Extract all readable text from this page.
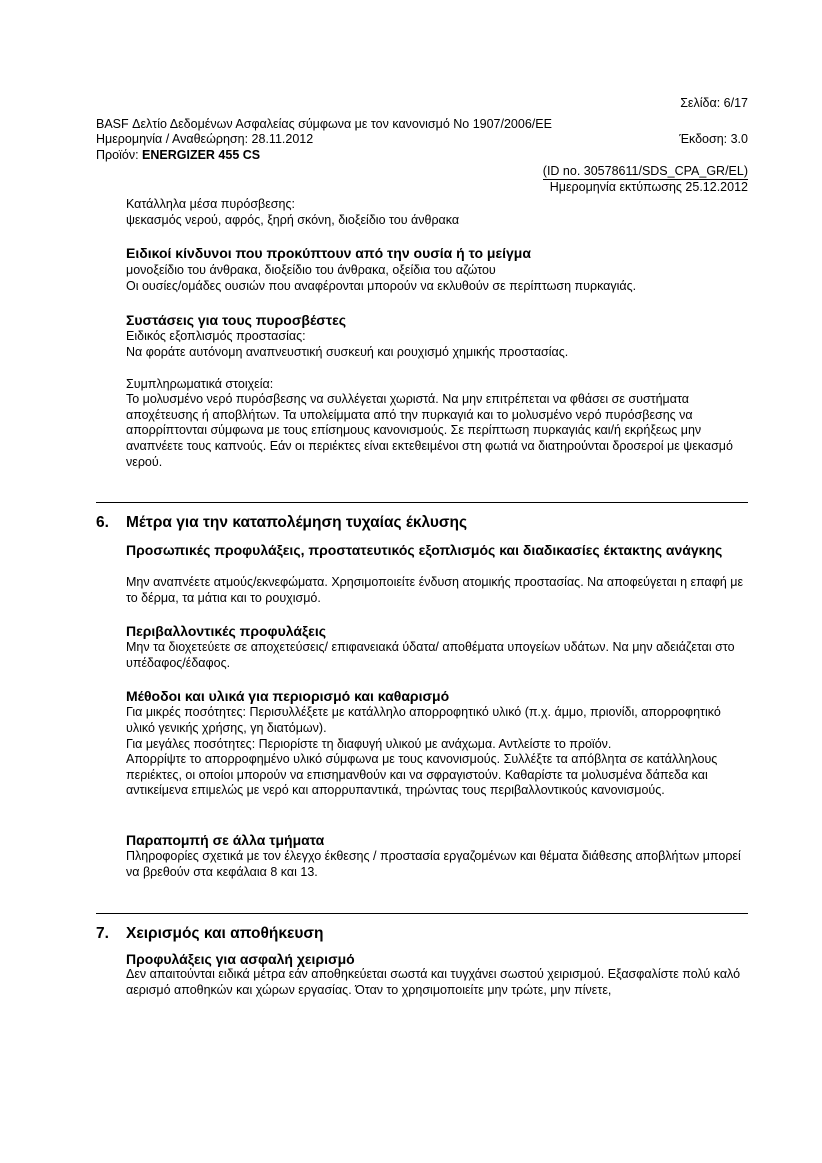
Σελίδα: 6/17
BASF Δελτίο Δεδομένων Ασφαλείας σύμφωνα με τον κανονισμό Νο 1907/2006/ΕΕ
Ημερομηνία / Αναθεώρηση: 28.11.2012	Έκδοση: 3.0
Προϊόν: ENERGIZER 455 CS
(ID no. 30578611/SDS_CPA_GR/EL)
Ημερομηνία εκτύπωσης 25.12.2012
Κατάλληλα μέσα πυρόσβεσης:
ψεκασμός νερού, αφρός, ξηρή σκόνη, διοξείδιο του άνθρακα
Ειδικοί κίνδυνοι που προκύπτουν από την ουσία ή το μείγμα
μονοξείδιο του άνθρακα, διοξείδιο του άνθρακα, οξείδια του αζώτου
Οι ουσίες/ομάδες ουσιών που αναφέρονται μπορούν να εκλυθούν σε περίπτωση πυρκαγιάς.
Συστάσεις για τους πυροσβέστες
Ειδικός εξοπλισμός προστασίας:
Να φοράτε αυτόνομη αναπνευστική συσκευή και ρουχισμό χημικής προστασίας.
Συμπληρωματικά στοιχεία:
Το μολυσμένο νερό πυρόσβεσης να συλλέγεται χωριστά. Να μην επιτρέπεται να φθάσει σε συστήματα αποχέτευσης ή αποβλήτων. Τα υπολείμματα από την πυρκαγιά και το μολυσμένο νερό πυρόσβεσης να απορρίπτονται σύμφωνα με τους επίσημους κανονισμούς. Σε περίπτωση πυρκαγιάς και/ή εκρήξεως μην αναπνέετε τους καπνούς. Εάν οι περιέκτες είναι εκτεθειμένοι στη φωτιά να διατηρούνται δροσεροί με ψεκασμό νερού.
6. Μέτρα για την καταπολέμηση τυχαίας έκλυσης
Προσωπικές προφυλάξεις, προστατευτικός εξοπλισμός και διαδικασίες έκτακτης ανάγκης
Μην αναπνέετε ατμούς/εκνεφώματα. Χρησιμοποιείτε ένδυση ατομικής προστασίας. Να αποφεύγεται η επαφή με το δέρμα, τα μάτια και το ρουχισμό.
Περιβαλλοντικές προφυλάξεις
Μην τα διοχετεύετε σε αποχετεύσεις/ επιφανειακά ύδατα/ αποθέματα υπογείων υδάτων. Να μην αδειάζεται στο υπέδαφος/έδαφος.
Μέθοδοι και υλικά για περιορισμό και καθαρισμό
Για μικρές ποσότητες: Περισυλλέξετε με κατάλληλο απορροφητικό υλικό (π.χ. άμμο, πριονίδι, απορροφητικό υλικό γενικής χρήσης, γη διατόμων).
Για μεγάλες ποσότητες: Περιορίστε τη διαφυγή υλικού με ανάχωμα. Αντλείστε το προϊόν.
Απορρίψτε το απορροφημένο υλικό σύμφωνα με τους κανονισμούς. Συλλέξτε τα απόβλητα σε κατάλληλους περιέκτες, οι οποίοι μπορούν να επισημανθούν και να σφραγιστούν. Καθαρίστε τα μολυσμένα δάπεδα και αντικείμενα επιμελώς με νερό και απορρυπαντικά, τηρώντας τους περιβαλλοντικούς κανονισμούς.
Παραπομπή σε άλλα τμήματα
Πληροφορίες σχετικά με τον έλεγχο έκθεσης / προστασία εργαζομένων και θέματα διάθεσης αποβλήτων μπορεί να βρεθούν στα κεφάλαια 8 και 13.
7. Χειρισμός και αποθήκευση
Προφυλάξεις για ασφαλή χειρισμό
Δεν απαιτούνται ειδικά μέτρα εάν αποθηκεύεται σωστά και τυγχάνει σωστού χειρισμού. Εξασφαλίστε πολύ καλό αερισμό αποθηκών και χώρων εργασίας. Όταν το χρησιμοποιείτε μην τρώτε, μην πίνετε,
